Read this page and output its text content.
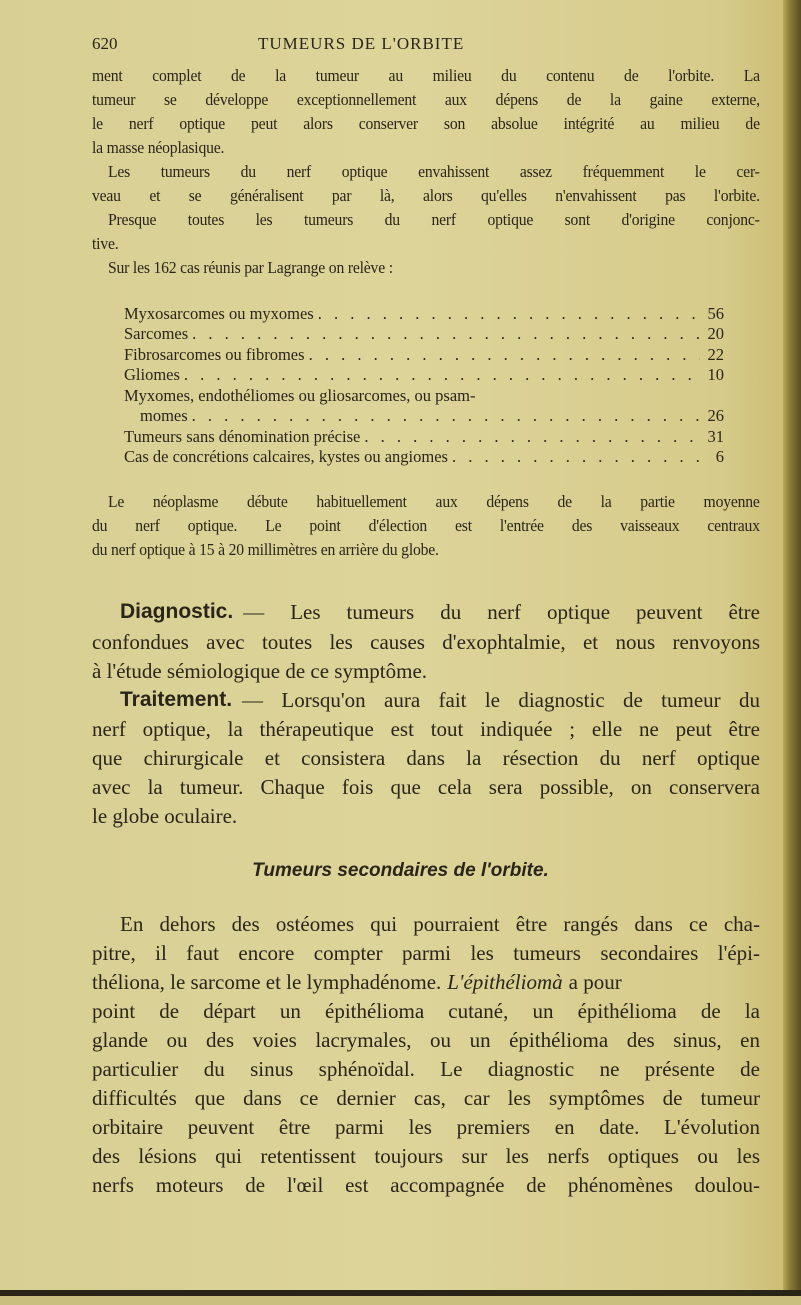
620	TUMEURS DE L'ORBITE
ment complet de la tumeur au milieu du contenu de l'orbite. La
tumeur se développe exceptionnellement aux dépens de la gaine externe,
le nerf optique peut alors conserver son absolue intégrité au milieu de
la masse néoplasique.
Les tumeurs du nerf optique envahissent assez fréquemment le cer-
veau et se généralisent par là, alors qu'elles n'envahissent pas l'orbite.
Presque toutes les tumeurs du nerf optique sont d'origine conjonc-
tive.
Sur les 162 cas réunis par Lagrange on relève :
Myxosarcomes ou myxomes . . .	56
Sarcomes . . .	20
Fibrosarcomes ou fibromes . . .	22
Gliomes . . .	10
Myxomes, endothéliomes ou gliosarcomes, ou psam-
momes . . .	26
Tumeurs sans dénomination précise . . .	31
Cas de concrétions calcaires, kystes ou angiomes . . .	6
Le néoplasme débute habituellement aux dépens de la partie moyenne
du nerf optique. Le point d'élection est l'entrée des vaisseaux centraux
du nerf optique à 15 à 20 millimètres en arrière du globe.
Diagnostic. — Les tumeurs du nerf optique peuvent être
confondues avec toutes les causes d'exophtalmie, et nous renvoyons
à l'étude sémiologique de ce symptôme.
Traitement. — Lorsqu'on aura fait le diagnostic de tumeur du
nerf optique, la thérapeutique est tout indiquée ; elle ne peut être
que chirurgicale et consistera dans la résection du nerf optique
avec la tumeur. Chaque fois que cela sera possible, on conservera
le globe oculaire.
Tumeurs secondaires de l'orbite.
En dehors des ostéomes qui pourraient être rangés dans ce cha-
pitre, il faut encore compter parmi les tumeurs secondaires l'épi-
théliona, le sarcome et le lymphadénome. L'épithéliomà a pour
point de départ un épithélioma cutané, un épithélioma de la
glande ou des voies lacrymales, ou un épithélioma des sinus, en
particulier du sinus sphénoïdal. Le diagnostic ne présente de
difficultés que dans ce dernier cas, car les symptômes de tumeur
orbitaire peuvent être parmi les premiers en date. L'évolution
des lésions qui retentissent toujours sur les nerfs optiques ou les
nerfs moteurs de l'œil est accompagnée de phénomènes doulou-
